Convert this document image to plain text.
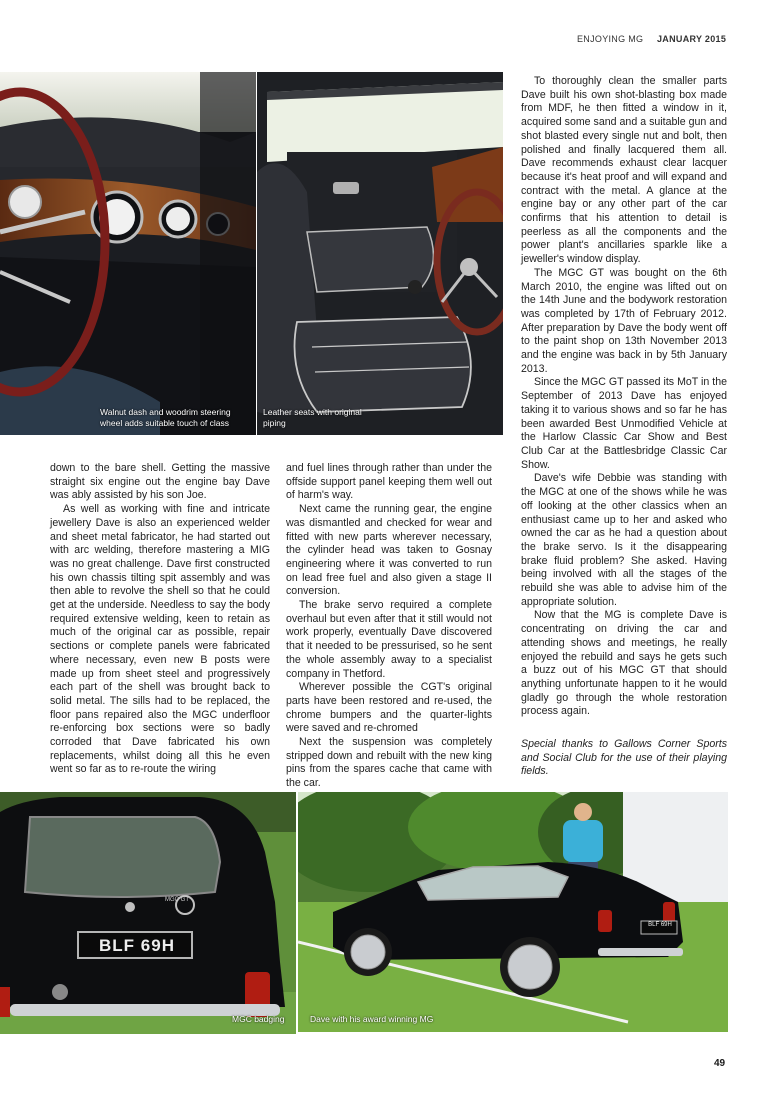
ENJOYING MG JANUARY 2015
Walnut dash and woodrim steering wheel adds suitable touch of class
Leather seats with original piping

down to the bare shell. Getting the massive straight six engine out the engine bay Dave was ably assisted by his son Joe.

As well as working with fine and intricate jewellery Dave is also an experienced welder and sheet metal fabricator, he had started out with arc welding, therefore mastering a MIG was no great challenge. Dave first constructed his own chassis tilting spit assembly and was then able to revolve the shell so that he could get at the underside. Needless to say the body required extensive welding, keen to retain as much of the original car as possible, repair sections or complete panels were fabricated where necessary, even new B posts were made up from sheet steel and progressively each part of the shell was brought back to solid metal. The sills had to be replaced, the floor pans repaired also the MGC underfloor re-enforcing box sections were so badly corroded that Dave fabricated his own replacements, whilst doing all this he even went so far as to re-route the wiring

and fuel lines through rather than under the offside support panel keeping them well out of harm's way.

Next came the running gear, the engine was dismantled and checked for wear and fitted with new parts wherever necessary, the cylinder head was taken to Gosnay engineering where it was converted to run on lead free fuel and also given a stage II conversion.

The brake servo required a complete overhaul but even after that it still would not work properly, eventually Dave discovered that it needed to be pressurised, so he sent the whole assembly away to a specialist company in Thetford.

Wherever possible the CGT's original parts have been restored and re-used, the chrome bumpers and the quarter-lights were saved and re-chromed

Next the suspension was completely stripped down and rebuilt with the new king pins from the spares cache that came with the car.

To thoroughly clean the smaller parts Dave built his own shot-blasting box made from MDF, he then fitted a window in it, acquired some sand and a suitable gun and shot blasted every single nut and bolt, then polished and finally lacquered them all. Dave recommends exhaust clear lacquer because it's heat proof and will expand and contract with the metal. A glance at the engine bay or any other part of the car confirms that his attention to detail is peerless as all the components and the power plant's ancillaries sparkle like a jeweller's window display.

The MGC GT was bought on the 6th March 2010, the engine was lifted out on the 14th June and the bodywork restoration was completed by 17th of February 2012. After preparation by Dave the body went off to the paint shop on 13th November 2013 and the engine was back in by 5th January 2013.

Since the MGC GT passed its MoT in the September of 2013 Dave has enjoyed taking it to various shows and so far he has been awarded Best Unmodified Vehicle at the Harlow Classic Car Show and Best Club Car at the Battlesbridge Classic Car Show.

Dave's wife Debbie was standing with the MGC at one of the shows while he was off looking at the other classics when an enthusiast came up to her and asked who owned the car as he had a question about the brake servo. Is it the disappearing brake fluid problem? She asked. Having being involved with all the stages of the rebuild she was able to advise him of the appropriate solution.

Now that the MG is complete Dave is concentrating on driving the car and attending shows and meetings, he really enjoyed the rebuild and says he gets such a buzz out of his MGC GT that should anything unfortunate happen to it he would gladly go through the whole restoration process again.

Special thanks to Gallows Corner Sports and Social Club for the use of their playing fields.

BLF 69H
MGC GT
MGC badging
BLF 69H
Dave with his award winning MG
49
